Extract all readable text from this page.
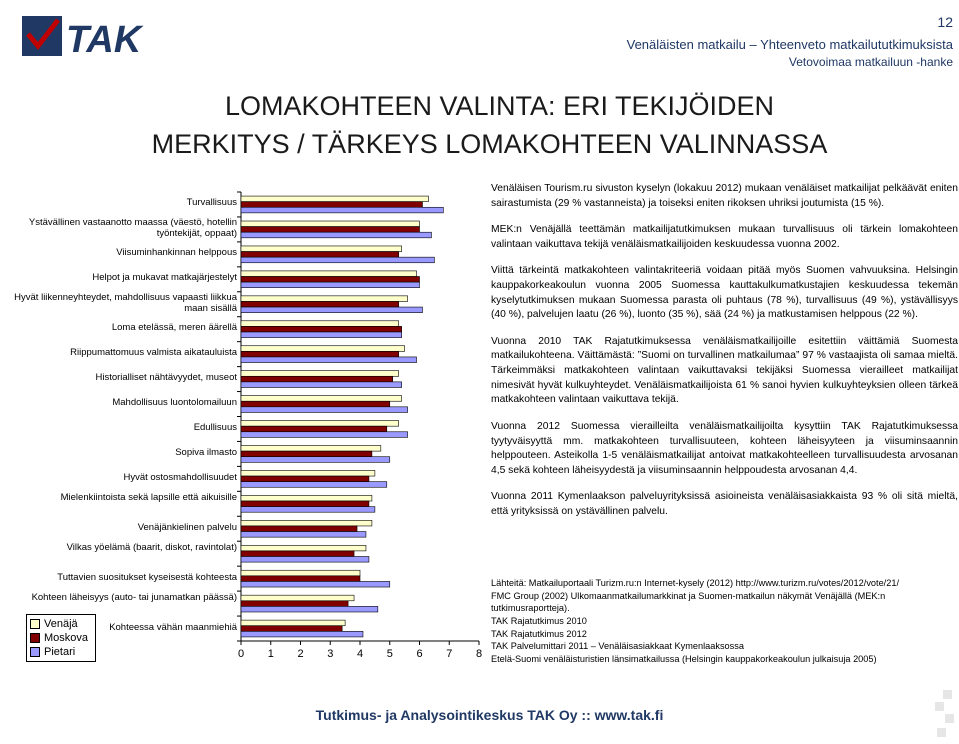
TAK	12
Venäläisten matkailu – Yhteenveto matkailututkimuksista
Vetovoimaa matkailuun -hanke
LOMAKOHTEEN VALINTA: ERI TEKIJÖIDEN
MERKITYS / TÄRKEYS LOMAKOHTEEN VALINNASSA
Turvallisuus
Ystävällinen vastaanotto maassa (väestö, hotellin työntekijät, oppaat)
Viisuminhankinnan helppous
Helpot ja mukavat matkajärjestelyt
Hyvät liikenneyhteydet, mahdollisuus vapaasti liikkua maan sisällä
Loma etelässä, meren äärellä
Riippumattomuus valmista aikatauluista
Historialliset nähtävyydet, museot
Mahdollisuus luontolomailuun
Edullisuus
Sopiva ilmasto
Hyvät ostosmahdollisuudet
Mielenkiintoista sekä lapsille että aikuisille
Venäjänkielinen palvelu
Vilkas yöelämä (baarit, diskot, ravintolat)
Tuttavien suositukset kyseisestä kohteesta
Kohteen läheisyys (auto- tai junamatkan päässä)
Kohteessa vähän maanmiehiä
Venäjä
Moskova
Pietari	0 1 2 3 4 5 6 7 8

Venäläisen Tourism.ru sivuston kyselyn (lokakuu 2012) mukaan venäläiset matkailijat pelkäävät eniten sairastumista (29 % vastanneista) ja toiseksi eniten rikoksen uhriksi joutumista (15 %).

MEK:n Venäjällä teettämän matkailijatutkimuksen mukaan turvallisuus oli tärkein lomakohteen valintaan vaikuttava tekijä venäläismatkailijoiden keskuudessa vuonna 2002.

Viittä tärkeintä matkakohteen valintakriteeriä voidaan pitää myös Suomen vahvuuksina. Helsingin kauppakorkeakoulun vuonna 2005 Suomessa kauttakulkumatkustajien keskuudessa tekemän kyselytutkimuksen mukaan Suomessa parasta oli puhtaus (78 %), turvallisuus (49 %), ystävällisyys (40 %), palvelujen laatu (26 %), luonto (35 %), sää (24 %) ja matkustamisen helppous (22 %).

Vuonna 2010 TAK Rajatutkimuksessa venäläismatkailijoille esitettiin väittämiä Suomesta matkailukohteena. Väittämästä: ”Suomi on turvallinen matkailumaa” 97 % vastaajista oli samaa mieltä. Tärkeimmäksi matkakohteen valintaan vaikuttavaksi tekijäksi Suomessa vierailleet matkailijat nimesivät hyvät kulkuyhteydet. Venäläismatkailijoista 61 % sanoi hyvien kulkuyhteyksien olleen tärkeä matkakohteen valintaan vaikuttava tekijä.

Vuonna 2012 Suomessa vierailleilta venäläismatkailijoilta kysyttiin TAK Rajatutkimuksessa tyytyväisyyttä mm. matkakohteen turvallisuuteen, kohteen läheisyyteen ja viisuminsaannin helppouteen. Asteikolla 1-5 venäläismatkailijat antoivat matkakohteelleen turvallisuudesta arvosanan 4,5 sekä kohteen läheisyydestä ja viisuminsaannin helppoudesta arvosanan 4,4.

Vuonna 2011 Kymenlaakson palveluyrityksissä asioineista venäläisasiakkaista 93 % oli sitä mieltä, että yrityksissä on ystävällinen palvelu.

Lähteitä: Matkailuportaali Turizm.ru:n Internet-kysely (2012) http://www.turizm.ru/votes/2012/vote/21/
FMC Group (2002) Ulkomaanmatkailumarkkinat ja Suomen-matkailun näkymät Venäjällä (MEK:n tutkimusraportteja).
TAK Rajatutkimus 2010
TAK Rajatutkimus 2012
TAK Palvelumittari 2011 – Venäläisasiakkaat Kymenlaaksossa
Etelä-Suomi venäläisturistien länsimatkailussa (Helsingin kauppakorkeakoulun julkaisuja 2005)
Tutkimus- ja Analysointikeskus TAK Oy :: www.tak.fi
